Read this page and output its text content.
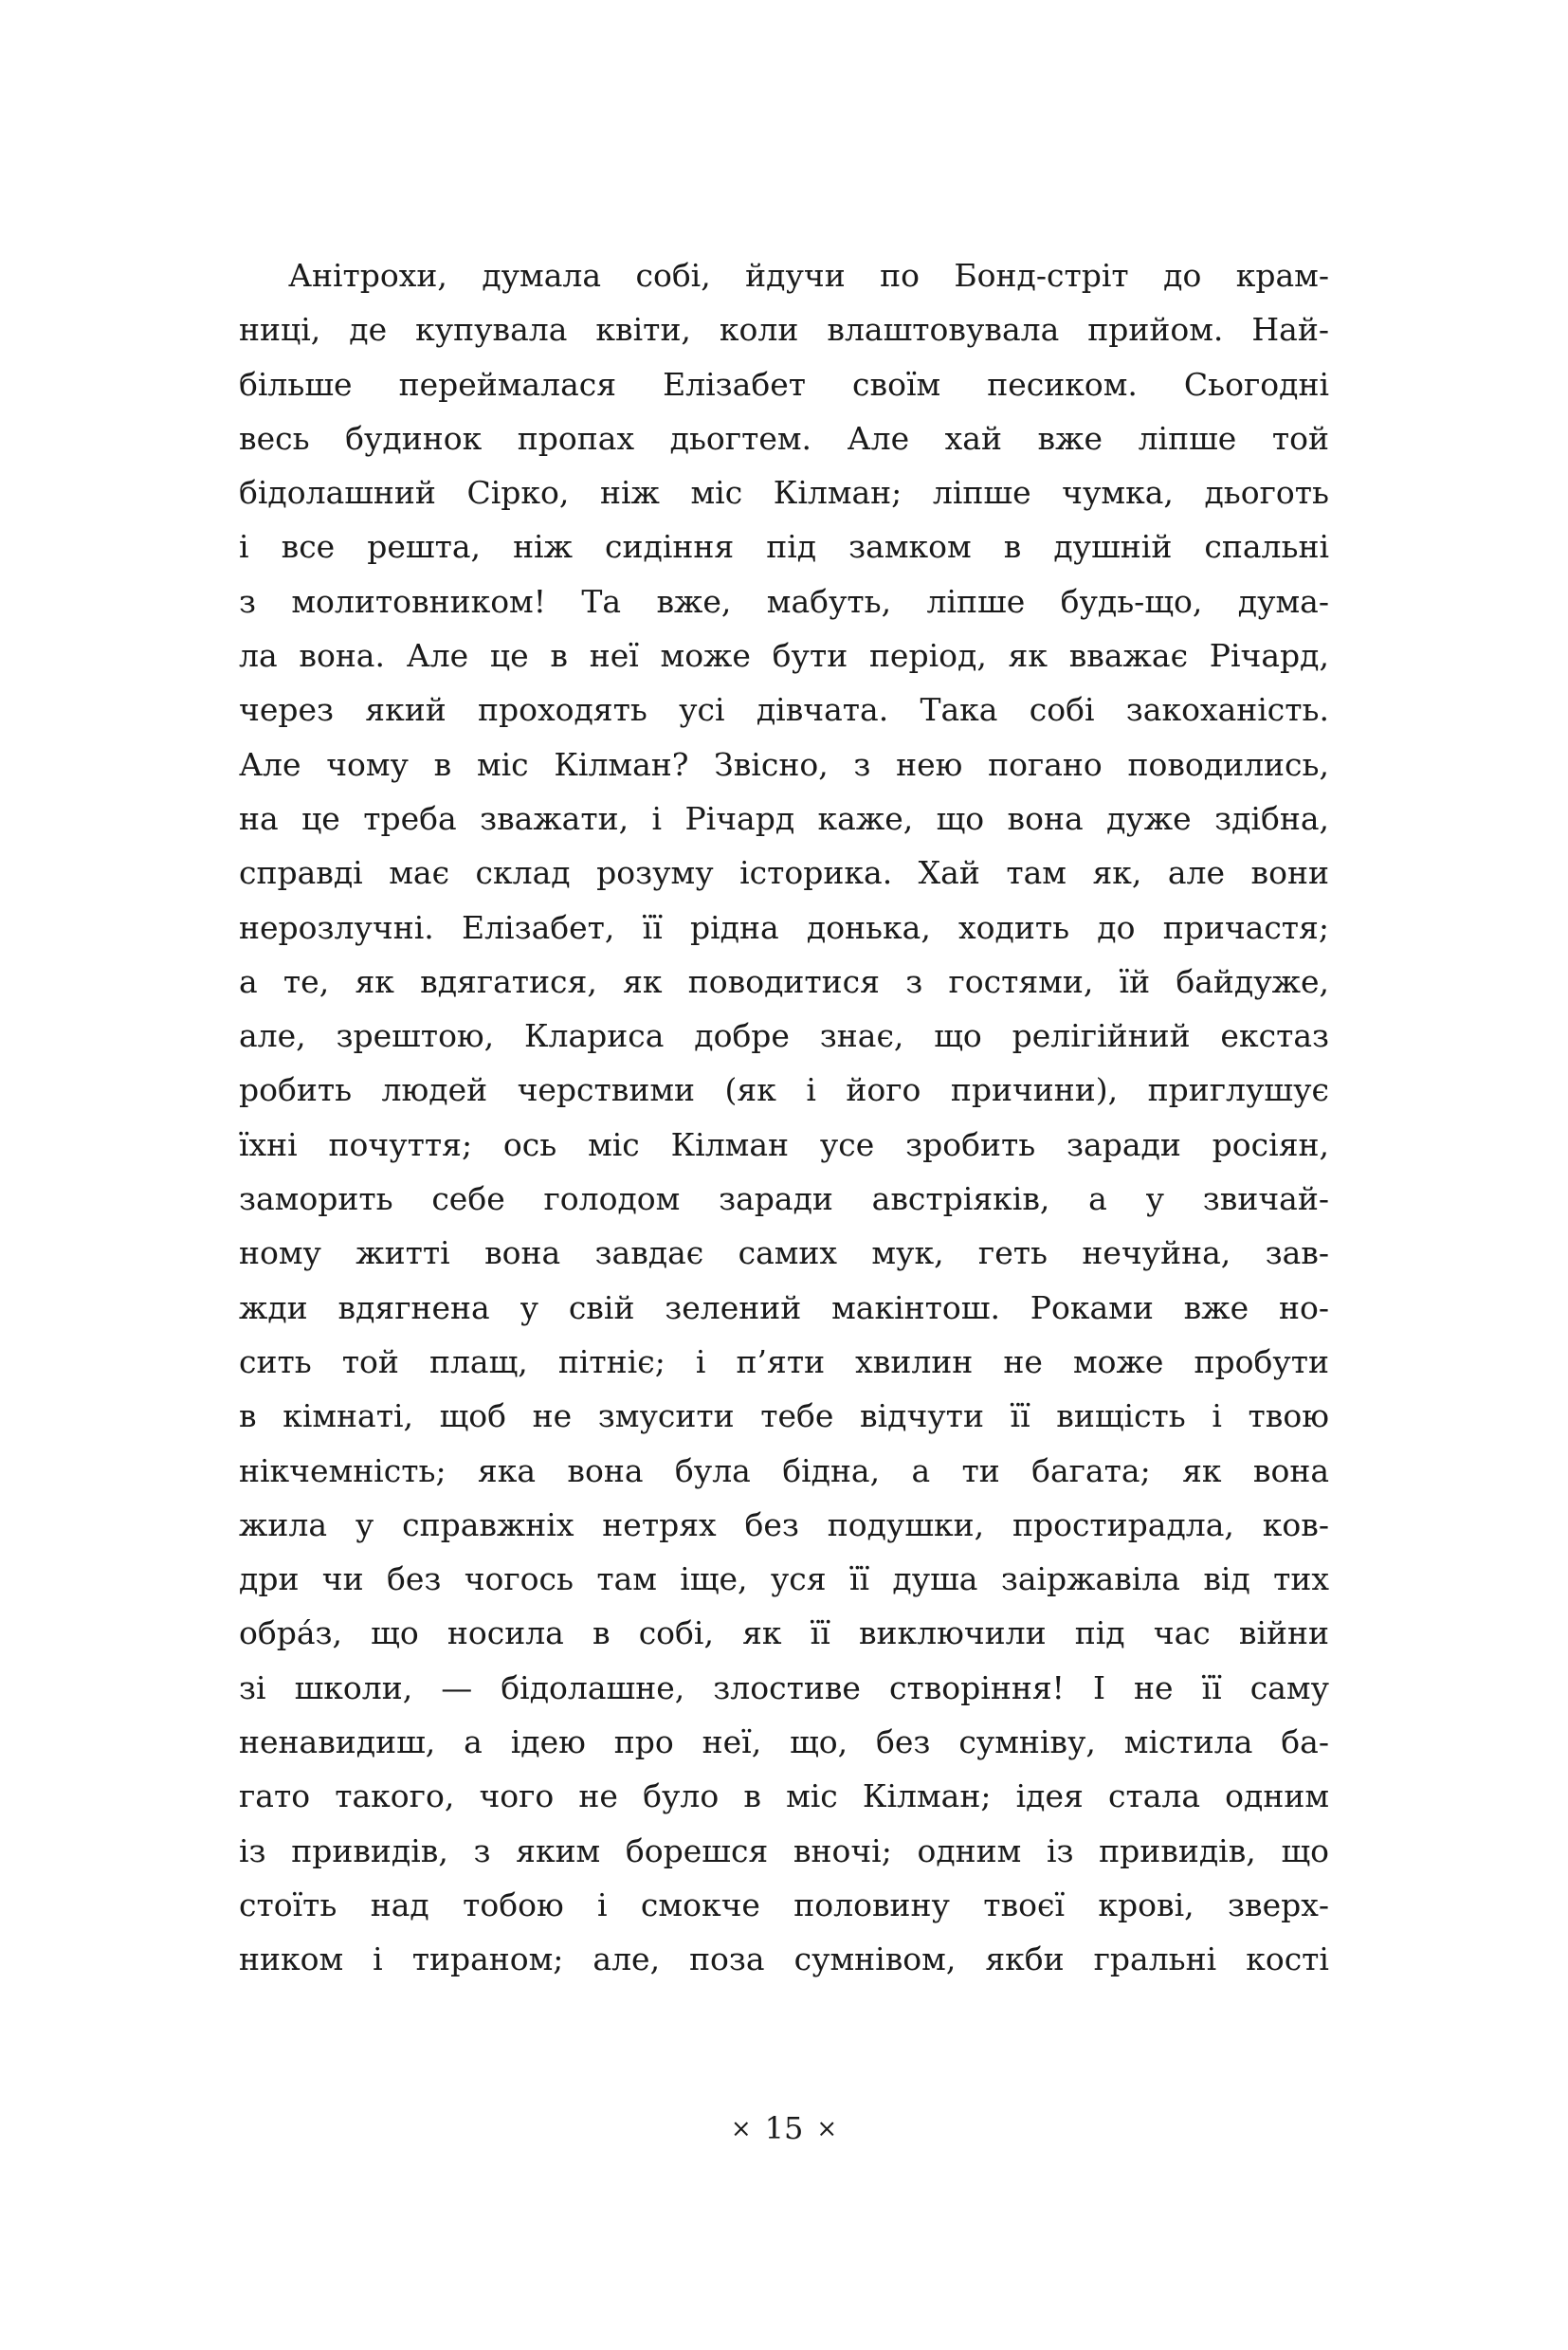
Анітрохи, думала собі, йдучи по Бонд-стріт до крам-
ниці, де купувала квіти, коли влаштовувала прийом. Най-
більше переймалася Елізабет своїм песиком. Сьогодні
весь будинок пропах дьогтем. Але хай вже ліпше той
бідолашний Сірко, ніж міс Кілман; ліпше чумка, дьоготь
і все решта, ніж сидіння під замком в душній спальні
з молитовником! Та вже, мабуть, ліпше будь-що, дума-
ла вона. Але це в неї може бути період, як вважає Річард,
через який проходять усі дівчата. Така собі закоханість.
Але чому в міс Кілман? Звісно, з нею погано поводились,
на це треба зважати, і Річард каже, що вона дуже здібна,
справді має склад розуму історика. Хай там як, але вони
нерозлучні. Елізабет, її рідна донька, ходить до причастя;
а те, як вдягатися, як поводитися з гостями, їй байдуже,
але, зрештою, Клариса добре знає, що релігійний екстаз
робить людей черствими (як і його причини), приглушує
їхні почуття; ось міс Кілман усе зробить заради росіян,
заморить себе голодом заради австріяків, а у звичай-
ному житті вона завдає самих мук, геть нечуйна, зав-
жди вдягнена у свій зелений макінтош. Роками вже но-
сить той плащ, пітніє; і п’яти хвилин не може пробути
в кімнаті, щоб не змусити тебе відчути її вищість і твою
нікчемність; яка вона була бідна, а ти багата; як вона
жила у справжніх нетрях без подушки, простирадла, ков-
дри чи без чогось там іще, уся її душа заіржавіла від тих
обра́з, що носила в собі, як її виключили під час війни
зі школи, — бідолашне, злостиве створіння! І не її саму
ненавидиш, а ідею про неї, що, без сумніву, містила ба-
гато такого, чого не було в міс Кілман; ідея стала одним
із привидів, з яким борешся вночі; одним із привидів, що
стоїть над тобою і смокче половину твоєї крові, зверх-
ником і тираном; але, поза сумнівом, якби гральні кості
× 15 ×
